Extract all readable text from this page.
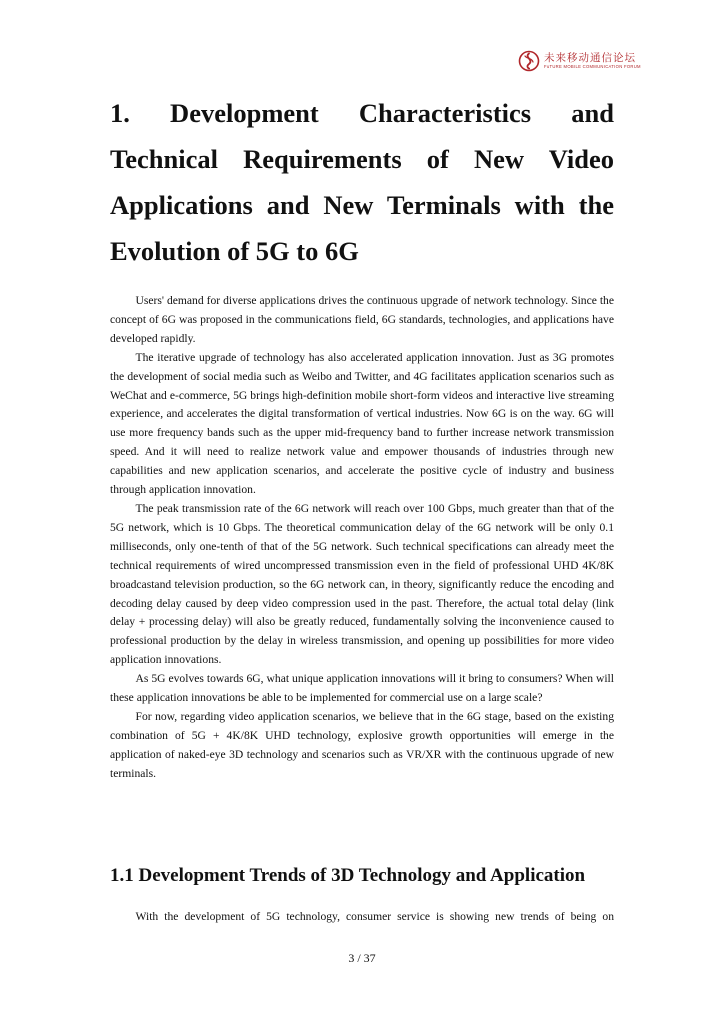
未来移动通信论坛
FuTURE MOBILE COMMUNICATION FORUM
1. Development Characteristics and
Technical Requirements of New Video
Applications and New Terminals with the
Evolution of 5G to 6G

Users' demand for diverse applications drives the continuous upgrade of network technology. Since the concept of 6G was proposed in the communications field, 6G standards, technologies, and applications have developed rapidly.

The iterative upgrade of technology has also accelerated application innovation. Just as 3G promotes the development of social media such as Weibo and Twitter, and 4G facilitates application scenarios such as WeChat and e-commerce, 5G brings high-definition mobile short-form videos and interactive live streaming experience, and accelerates the digital transformation of vertical industries. Now 6G is on the way. 6G will use more frequency bands such as the upper mid-frequency band to further increase network transmission speed. And it will need to realize network value and empower thousands of industries through new capabilities and new application scenarios, and accelerate the positive cycle of industry and business through application innovation.

The peak transmission rate of the 6G network will reach over 100 Gbps, much greater than that of the 5G network, which is 10 Gbps. The theoretical communication delay of the 6G network will be only 0.1 milliseconds, only one-tenth of that of the 5G network. Such technical specifications can already meet the technical requirements of wired uncompressed transmission even in the field of professional UHD 4K/8K broadcastand television production, so the 6G network can, in theory, significantly reduce the encoding and decoding delay caused by deep video compression used in the past. Therefore, the actual total delay (link delay + processing delay) will also be greatly reduced, fundamentally solving the inconvenience caused to professional production by the delay in wireless transmission, and opening up possibilities for more video application innovations.

As 5G evolves towards 6G, what unique application innovations will it bring to consumers? When will these application innovations be able to be implemented for commercial use on a large scale?

For now, regarding video application scenarios, we believe that in the 6G stage, based on the existing combination of 5G + 4K/8K UHD technology, explosive growth opportunities will emerge in the application of naked-eye 3D technology and scenarios such as VR/XR with the continuous upgrade of new terminals.

1.1 Development Trends of 3D Technology and Application

With the development of 5G technology, consumer service is showing new trends of being on

3 / 37
